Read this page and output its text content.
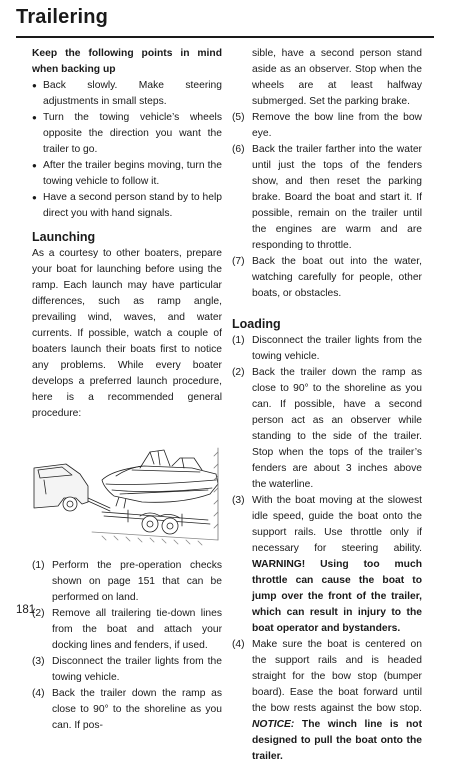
Trailering

Keep the following points in mind when backing up

● Back slowly. Make steering adjustments in small steps.
● Turn the towing vehicle’s wheels opposite the direction you want the trailer to go.
● After the trailer begins moving, turn the towing vehicle to follow it.
● Have a second person stand by to help direct you with hand signals.
Launching

As a courtesy to other boaters, prepare your boat for launching before using the ramp. Each launch may have particular differences, such as ramp angle, prevailing wind, waves, and water currents. If possible, watch a couple of boaters launch their boats first to notice any problems. While every boater develops a preferred launch procedure, here is a recommended general procedure:

(1) Perform the pre-operation checks shown on page 151 that can be performed on land.
(2) Remove all trailering tie-down lines from the boat and attach your docking lines and fenders, if used.
(3) Disconnect the trailer lights from the towing vehicle.
(4) Back the trailer down the ramp as close to 90° to the shoreline as you can. If pos-

sible, have a second person stand aside as an observer. Stop when the wheels are at least halfway submerged. Set the parking brake.

(5) Remove the bow line from the bow eye.
(6) Back the trailer farther into the water until just the tops of the fenders show, and then reset the parking brake. Board the boat and start it. If possible, remain on the trailer until the engines are warm and are responding to throttle.
(7) Back the boat out into the water, watching carefully for people, other boats, or obstacles.
Loading
(1) Disconnect the trailer lights from the towing vehicle.
(2) Back the trailer down the ramp as close to 90° to the shoreline as you can. If possible, have a second person act as an observer while standing to the side of the trailer. Stop when the tops of the trailer’s fenders are about 3 inches above the waterline.
(3) With the boat moving at the slowest idle speed, guide the boat onto the support rails. Use throttle only if necessary for steering ability. WARNING! Using too much throttle can cause the boat to jump over the front of the trailer, which can result in injury to the boat operator and bystanders.
(4) Make sure the boat is centered on the support rails and is headed straight for the bow stop (bumper board). Ease the boat forward until the bow rests against the bow stop. NOTICE: The winch line is not designed to pull the boat onto the trailer.
181
